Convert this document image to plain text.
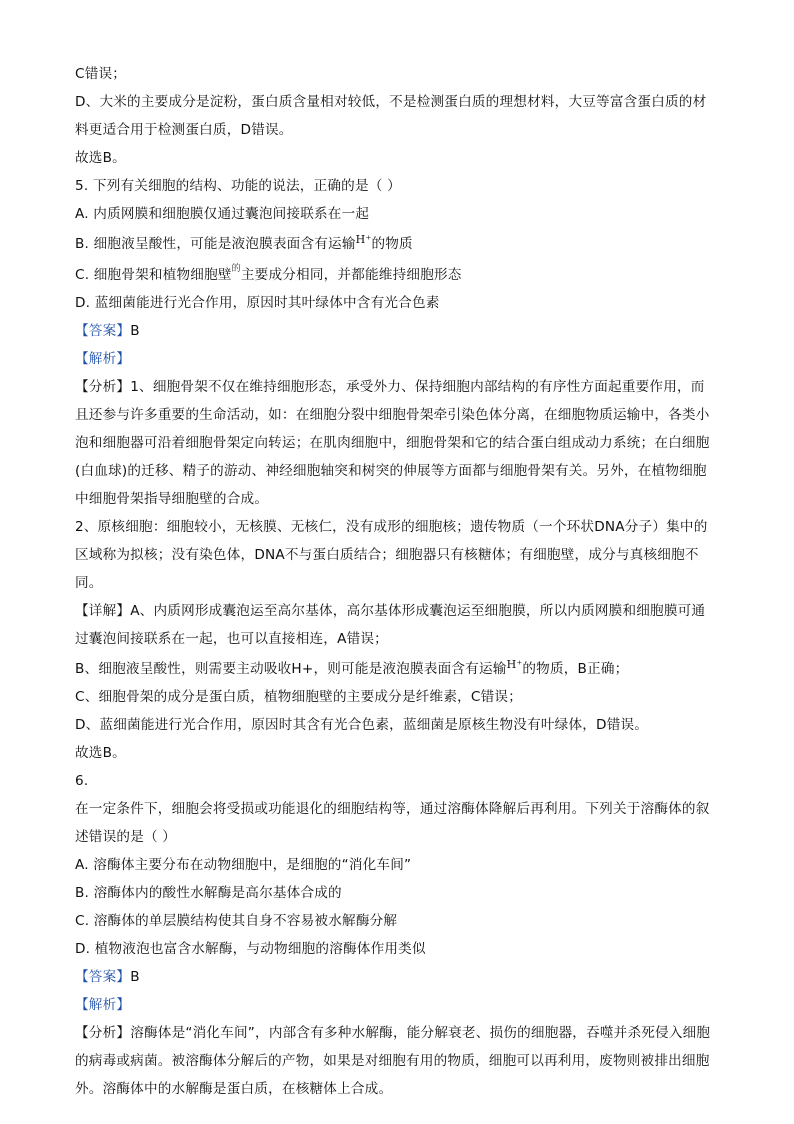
C错误；
D、大米的主要成分是淀粉，蛋白质含量相对较低，不是检测蛋白质的理想材料，大豆等富含蛋白质的材
料更适合用于检测蛋白质，D错误。
故选B。
5. 下列有关细胞的结构、功能的说法，正确的是（ ）
A. 内质网膜和细胞膜仅通过囊泡间接联系在一起
B. 细胞液呈酸性，可能是液泡膜表面含有运输$^{H^+}$的物质
C. 细胞骨架和植物细胞壁$^的$主要成分相同，并都能维持细胞形态
D. 蓝细菌能进行光合作用，原因时其叶绿体中含有光合色素
【答案】B
【解析】
【分析】1、细胞骨架不仅在维持细胞形态，承受外力、保持细胞内部结构的有序性方面起重要作用，而
且还参与许多重要的生命活动，如：在细胞分裂中细胞骨架牵引染色体分离，在细胞物质运输中，各类小
泡和细胞器可沿着细胞骨架定向转运；在肌肉细胞中，细胞骨架和它的结合蛋白组成动力系统；在白细胞
(白血球)的迁移、精子的游动、神经细胞轴突和树突的伸展等方面都与细胞骨架有关。另外，在植物细胞
中细胞骨架指导细胞壁的合成。
2、原核细胞：细胞较小，无核膜、无核仁，没有成形的细胞核；遗传物质（一个环状DNA分子）集中的
区域称为拟核；没有染色体，DNA不与蛋白质结合；细胞器只有核糖体；有细胞壁，成分与真核细胞不
同。
【详解】A、内质网形成囊泡运至高尔基体，高尔基体形成囊泡运至细胞膜，所以内质网膜和细胞膜可通
过囊泡间接联系在一起，也可以直接相连，A错误；
B、细胞液呈酸性，则需要主动吸收H+，则可能是液泡膜表面含有运输$^{H^+}$的物质，B正确；
C、细胞骨架的成分是蛋白质，植物细胞壁的主要成分是纤维素，C错误；
D、蓝细菌能进行光合作用，原因时其含有光合色素，蓝细菌是原核生物没有叶绿体，D错误。
故选B。
6.
在一定条件下，细胞会将受损或功能退化的细胞结构等，通过溶酶体降解后再利用。下列关于溶酶体的叙
述错误的是（ ）
A. 溶酶体主要分布在动物细胞中，是细胞的“消化车间”
B. 溶酶体内的酸性水解酶是高尔基体合成的
C. 溶酶体的单层膜结构使其自身不容易被水解酶分解
D. 植物液泡也富含水解酶，与动物细胞的溶酶体作用类似
【答案】B
【解析】
【分析】溶酶体是“消化车间”，内部含有多种水解酶，能分解衰老、损伤的细胞器，吞噬并杀死侵入细胞
的病毒或病菌。被溶酶体分解后的产物，如果是对细胞有用的物质，细胞可以再利用，废物则被排出细胞
外。溶酶体中的水解酶是蛋白质，在核糖体上合成。
